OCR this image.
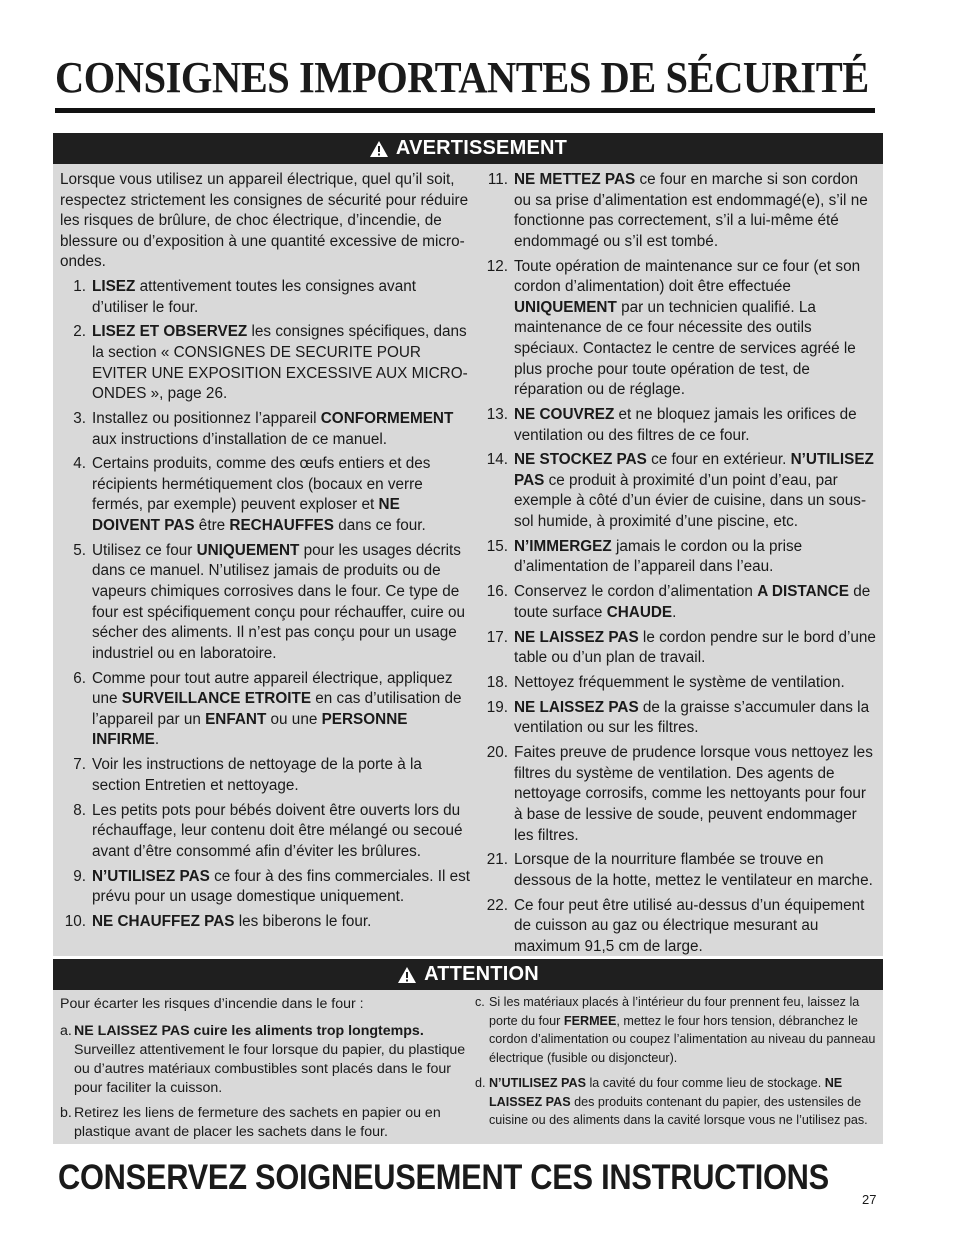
CONSIGNES IMPORTANTES DE SÉCURITÉ
AVERTISSEMENT

Lorsque vous utilisez un appareil électrique, quel qu’il soit, respectez strictement les consignes de sécurité pour réduire les risques de brûlure, de choc électrique, d’incendie, de blessure ou d’exposition à une quantité excessive de micro-ondes.

1. LISEZ attentivement toutes les consignes avant d’utiliser le four.
2. LISEZ ET OBSERVEZ les consignes spécifiques, dans la section « CONSIGNES DE SECURITE POUR EVITER UNE EXPOSITION EXCESSIVE AUX MICRO-ONDES », page 26.
3. Installez ou positionnez l’appareil CONFORMEMENT aux instructions d’installation de ce manuel.
4. Certains produits, comme des œufs entiers et des récipients hermétiquement clos (bocaux en verre fermés, par exemple) peuvent exploser et NE DOIVENT PAS être RECHAUFFES dans ce four.
5. Utilisez ce four UNIQUEMENT pour les usages décrits dans ce manuel. N’utilisez jamais de produits ou de vapeurs chimiques corrosives dans le four. Ce type de four est spécifiquement conçu pour réchauffer, cuire ou sécher des aliments. Il n’est pas conçu pour un usage industriel ou en laboratoire.
6. Comme pour tout autre appareil électrique, appliquez une SURVEILLANCE ETROITE en cas d’utilisation de l’appareil par un ENFANT ou une PERSONNE INFIRME.
7. Voir les instructions de nettoyage de la porte à la section Entretien et nettoyage.
8. Les petits pots pour bébés doivent être ouverts lors du réchauffage, leur contenu doit être mélangé ou secoué avant d’être consommé afin d’éviter les brûlures.
9. N’UTILISEZ PAS ce four à des fins commerciales. Il est prévu pour un usage domestique uniquement.
10. NE CHAUFFEZ PAS les biberons le four.
11. NE METTEZ PAS ce four en marche si son cordon ou sa prise d’alimentation est endommagé(e), s’il ne fonctionne pas correctement, s’il a lui-même été endommagé ou s’il est tombé.
12. Toute opération de maintenance sur ce four (et son cordon d’alimentation) doit être effectuée UNIQUEMENT par un technicien qualifié. La maintenance de ce four nécessite des outils spéciaux. Contactez le centre de services agréé le plus proche pour toute opération de test, de réparation ou de réglage.
13. NE COUVREZ et ne bloquez jamais les orifices de ventilation ou des filtres de ce four.
14. NE STOCKEZ PAS ce four en extérieur. N’UTILISEZ PAS ce produit à proximité d’un point d’eau, par exemple à côté d’un évier de cuisine, dans un sous-sol humide, à proximité d’une piscine, etc.
15. N’IMMERGEZ jamais le cordon ou la prise d’alimentation de l’appareil dans l’eau.
16. Conservez le cordon d’alimentation A DISTANCE de toute surface CHAUDE.
17. NE LAISSEZ PAS le cordon pendre sur le bord d’une table ou d’un plan de travail.
18. Nettoyez fréquemment le système de ventilation.
19. NE LAISSEZ PAS de la graisse s’accumuler dans la ventilation ou sur les filtres.
20. Faites preuve de prudence lorsque vous nettoyez les filtres du système de ventilation. Des agents de nettoyage corrosifs, comme les nettoyants pour four à base de lessive de soude, peuvent endommager les filtres.
21. Lorsque de la nourriture flambée se trouve en dessous de la hotte, mettez le ventilateur en marche.
22. Ce four peut être utilisé au-dessus d’un équipement de cuisson au gaz ou électrique mesurant au maximum 91,5 cm de large.
ATTENTION

Pour écarter les risques d’incendie dans le four :

a. NE LAISSEZ PAS cuire les aliments trop longtemps. Surveillez attentivement le four lorsque du papier, du plastique ou d’autres matériaux combustibles sont placés dans le four pour faciliter la cuisson.
b. Retirez les liens de fermeture des sachets en papier ou en plastique avant de placer les sachets dans le four.
c. Si les matériaux placés à l’intérieur du four prennent feu, laissez la porte du four FERMEE, mettez le four hors tension, débranchez le cordon d’alimentation ou coupez l’alimentation au niveau du panneau électrique (fusible ou disjoncteur).
d. N’UTILISEZ PAS la cavité du four comme lieu de stockage. NE LAISSEZ PAS des produits contenant du papier, des ustensiles de cuisine ou des aliments dans la cavité lorsque vous ne l’utilisez pas.
CONSERVEZ SOIGNEUSEMENT CES INSTRUCTIONS
27
